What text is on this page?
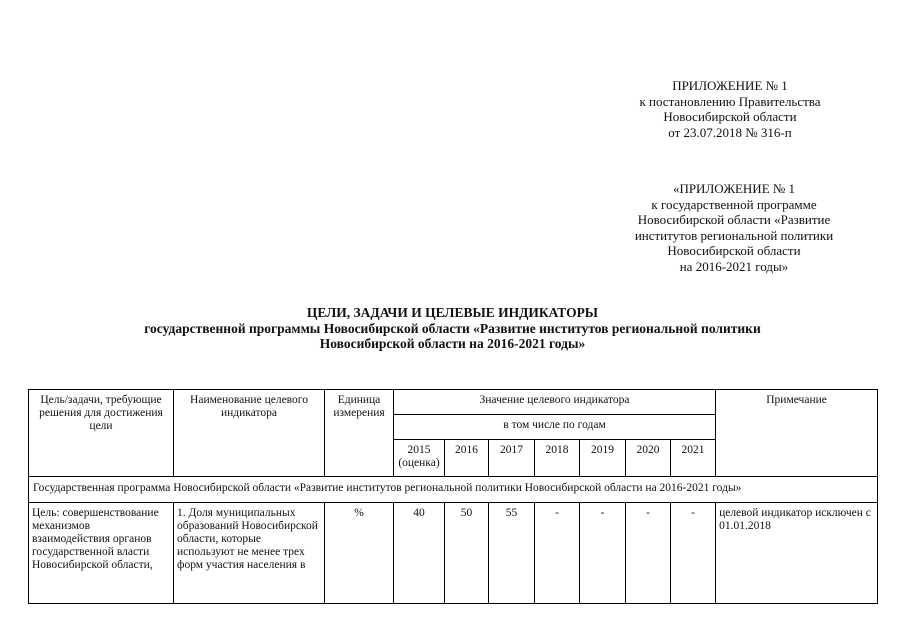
ПРИЛОЖЕНИЕ № 1
к постановлению Правительства
Новосибирской области
от 23.07.2018 № 316-п
«ПРИЛОЖЕНИЕ № 1
к государственной программе
Новосибирской области «Развитие
институтов региональной политики
Новосибирской области
на 2016-2021 годы»
ЦЕЛИ, ЗАДАЧИ И ЦЕЛЕВЫЕ ИНДИКАТОРЫ
государственной программы Новосибирской области «Развитие институтов региональной политики
Новосибирской области на 2016-2021 годы»
Цель/задачи, требующие решения для достижения цели	Наименование целевого индикатора	Единица измерения	Значение целевого индикатора							Примечание
			в том числе по годам							
			2015 (оценка)	2016	2017	2018	2019	2020	2021	
Государственная программа Новосибирской области «Развитие институтов региональной политики Новосибирской области на 2016-2021 годы»										
Цель: совершенствование механизмов взаимодействия органов государственной власти Новосибирской области,	1. Доля муниципальных образований Новосибирской области, которые используют не менее трех форм участия населения в	%	40	50	55	-	-	-	-	целевой индикатор исключен с 01.01.2018
